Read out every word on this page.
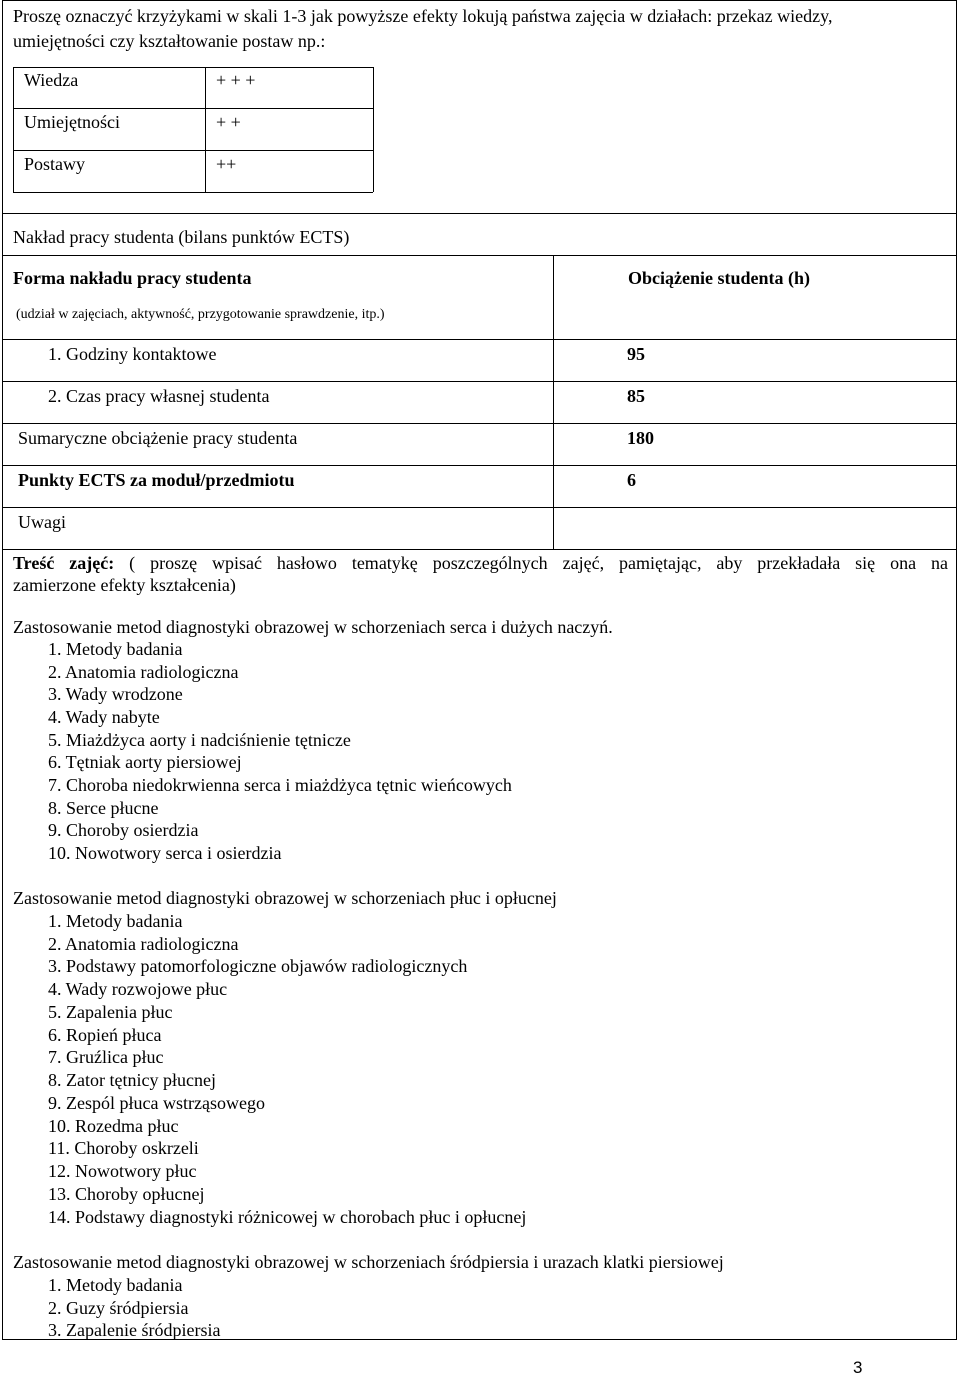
Proszę oznaczyć krzyżykami w skali 1-3 jak powyższe efekty lokują państwa zajęcia w działach: przekaz wiedzy,
umiejętności czy kształtowanie postaw np.:
Wiedza	+ + +
Umiejętności	+ +
Postawy	++
Nakład pracy studenta (bilans punktów ECTS)
Forma nakładu pracy studenta	Obciążenie studenta (h)
(udział w zajęciach, aktywność, przygotowanie sprawdzenie, itp.)
1. Godziny kontaktowe	95
2. Czas pracy własnej studenta	85
Sumaryczne obciążenie pracy studenta	180
Punkty ECTS za moduł/przedmiotu	6
Uwagi
Treść zajęć: ( proszę wpisać hasłowo tematykę poszczególnych zajęć, pamiętając, aby przekładała się ona na
zamierzone efekty kształcenia)
Zastosowanie metod diagnostyki obrazowej w schorzeniach serca i dużych naczyń.
1. Metody badania
2. Anatomia radiologiczna
3. Wady wrodzone
4. Wady nabyte
5. Miażdżyca aorty i nadciśnienie tętnicze
6. Tętniak aorty piersiowej
7. Choroba niedokrwienna serca i miażdżyca tętnic wieńcowych
8. Serce płucne
9. Choroby osierdzia
10. Nowotwory serca i osierdzia
Zastosowanie metod diagnostyki obrazowej w schorzeniach płuc i opłucnej
1. Metody badania
2. Anatomia radiologiczna
3. Podstawy patomorfologiczne objawów radiologicznych
4. Wady rozwojowe płuc
5. Zapalenia płuc
6. Ropień płuca
7. Gruźlica płuc
8. Zator tętnicy płucnej
9. Zespól płuca wstrząsowego
10. Rozedma płuc
11. Choroby oskrzeli
12. Nowotwory płuc
13. Choroby opłucnej
14. Podstawy diagnostyki różnicowej w chorobach płuc i opłucnej
Zastosowanie metod diagnostyki obrazowej w schorzeniach śródpiersia i urazach klatki piersiowej
1. Metody badania
2. Guzy śródpiersia
3. Zapalenie śródpiersia
3
